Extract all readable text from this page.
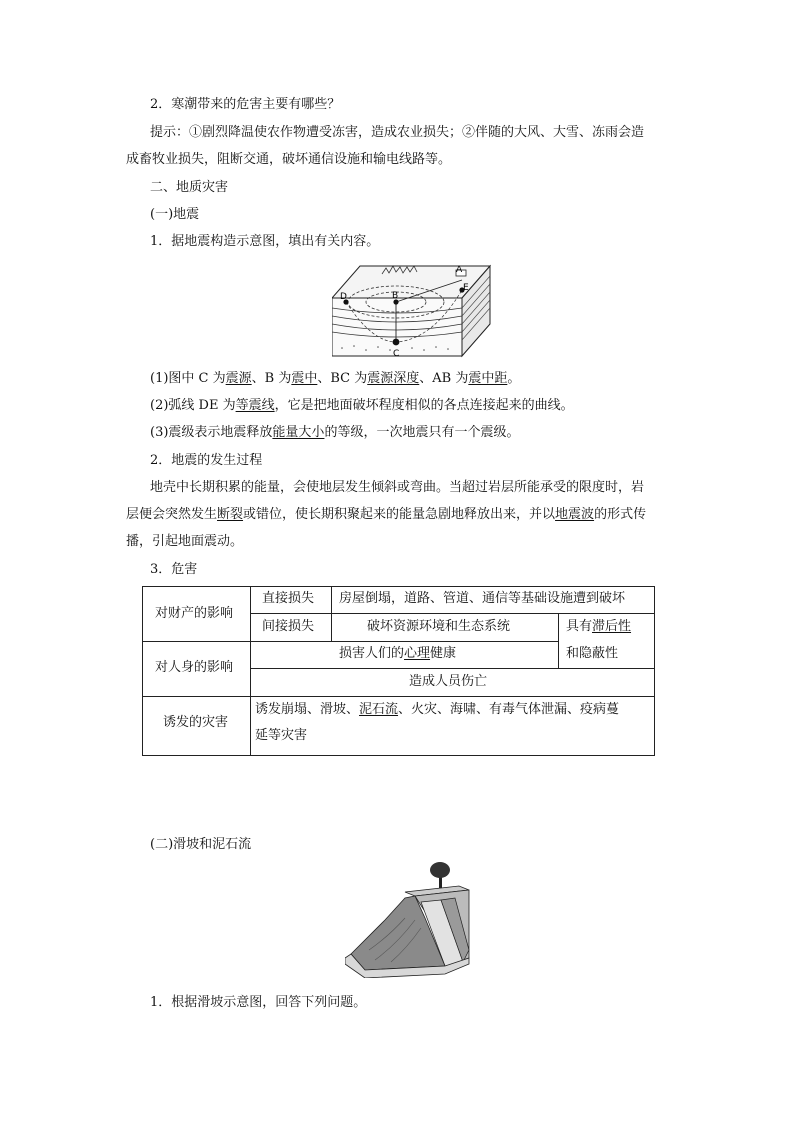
2．寒潮带来的危害主要有哪些？
提示：①剧烈降温使农作物遭受冻害，造成农业损失；②伴随的大风、大雪、冻雨会造
成畜牧业损失，阻断交通，破坏通信设施和输电线路等。
二、地质灾害
(一)地震
1．据地震构造示意图，填出有关内容。
A
B
D
E
C
(1)图中 C 为震源、B 为震中、BC 为震源深度、AB 为震中距。
(2)弧线 DE 为等震线，它是把地面破坏程度相似的各点连接起来的曲线。
(3)震级表示地震释放能量大小的等级，一次地震只有一个震级。
2．地震的发生过程
地壳中长期积累的能量，会使地层发生倾斜或弯曲。当超过岩层所能承受的限度时，岩
层便会突然发生断裂或错位，使长期积聚起来的能量急剧地释放出来，并以地震波的形式传
播，引起地面震动。
3．危害
对财产的影响
直接损失 房屋倒塌，道路、管道、通信等基础设施遭到破坏
间接损失	破坏资源环境和生态系统	具有滞后性
和隐蔽性
对人身的影响
损害人们的心理健康
造成人员伤亡
诱发的灾害
诱发崩塌、滑坡、泥石流、火灾、海啸、有毒气体泄漏、疫病蔓
延等灾害
(二)滑坡和泥石流
1．根据滑坡示意图，回答下列问题。
